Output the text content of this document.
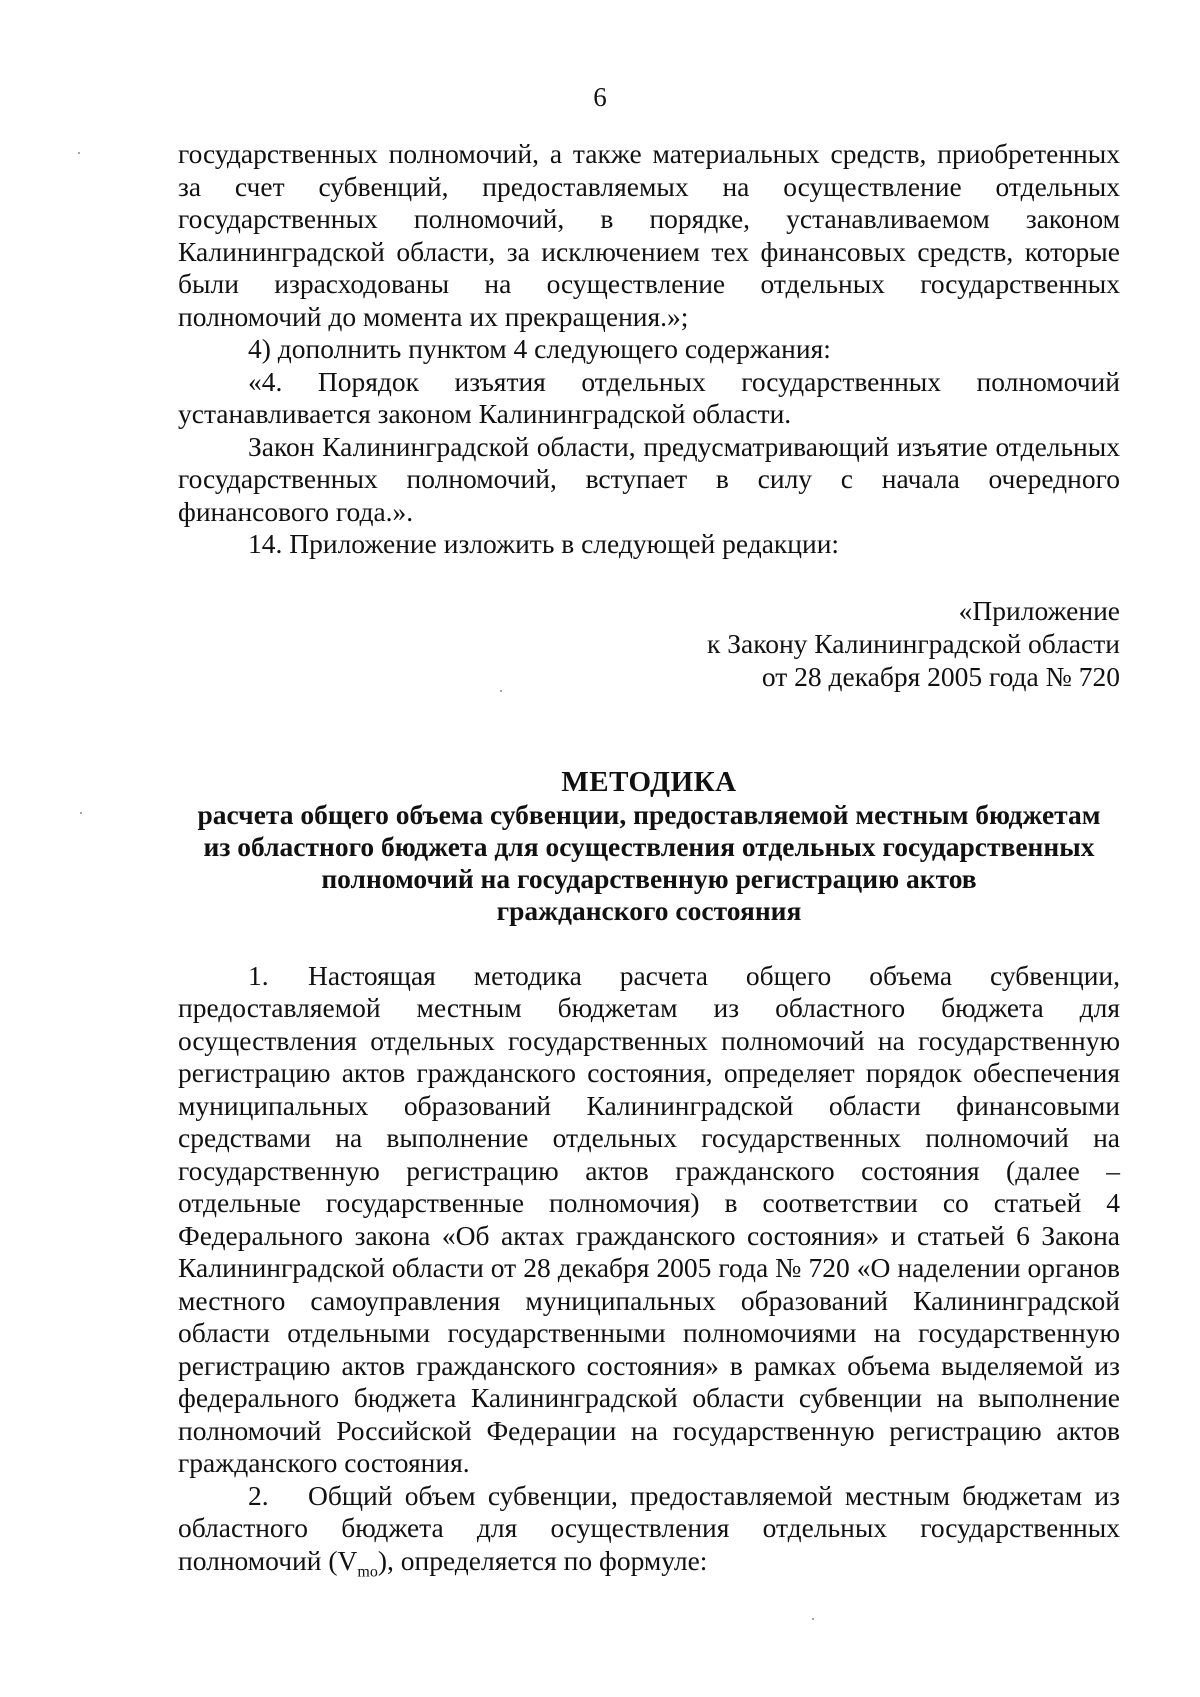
6

государственных полномочий, а также материальных средств, приобретенных за счет субвенций, предоставляемых на осуществление отдельных государственных полномочий, в порядке, устанавливаемом законом Калининградской области, за исключением тех финансовых средств, которые были израсходованы на осуществление отдельных государственных полномочий до момента их прекращения.»;

4) дополнить пунктом 4 следующего содержания:

«4. Порядок изъятия отдельных государственных полномочий устанавливается законом Калининградской области.

Закон Калининградской области, предусматривающий изъятие отдельных государственных полномочий, вступает в силу с начала очередного финансового года.».

14. Приложение изложить в следующей редакции:

«Приложение
к Закону Калининградской области
от 28 декабря 2005 года № 720
МЕТОДИКА
расчета общего объема субвенции, предоставляемой местным бюджетам
из областного бюджета для осуществления отдельных государственных
полномочий на государственную регистрацию актов
гражданского состояния

1. Настоящая методика расчета общего объема субвенции, предоставляемой местным бюджетам из областного бюджета для осуществления отдельных государственных полномочий на государственную регистрацию актов гражданского состояния, определяет порядок обеспечения муниципальных образований Калининградской области финансовыми средствами на выполнение отдельных государственных полномочий на государственную регистрацию актов гражданского состояния (далее – отдельные государственные полномочия) в соответствии со статьей 4 Федерального закона «Об актах гражданского состояния» и статьей 6 Закона Калининградской области от 28 декабря 2005 года № 720 «О наделении органов местного самоуправления муниципальных образований Калининградской области отдельными государственными полномочиями на государственную регистрацию актов гражданского состояния» в рамках объема выделяемой из федерального бюджета Калининградской области субвенции на выполнение полномочий Российской Федерации на государственную регистрацию актов гражданского состояния.

2. Общий объем субвенции, предоставляемой местным бюджетам из областного бюджета для осуществления отдельных государственных полномочий $(V_{mo})$, определяется по формуле:
